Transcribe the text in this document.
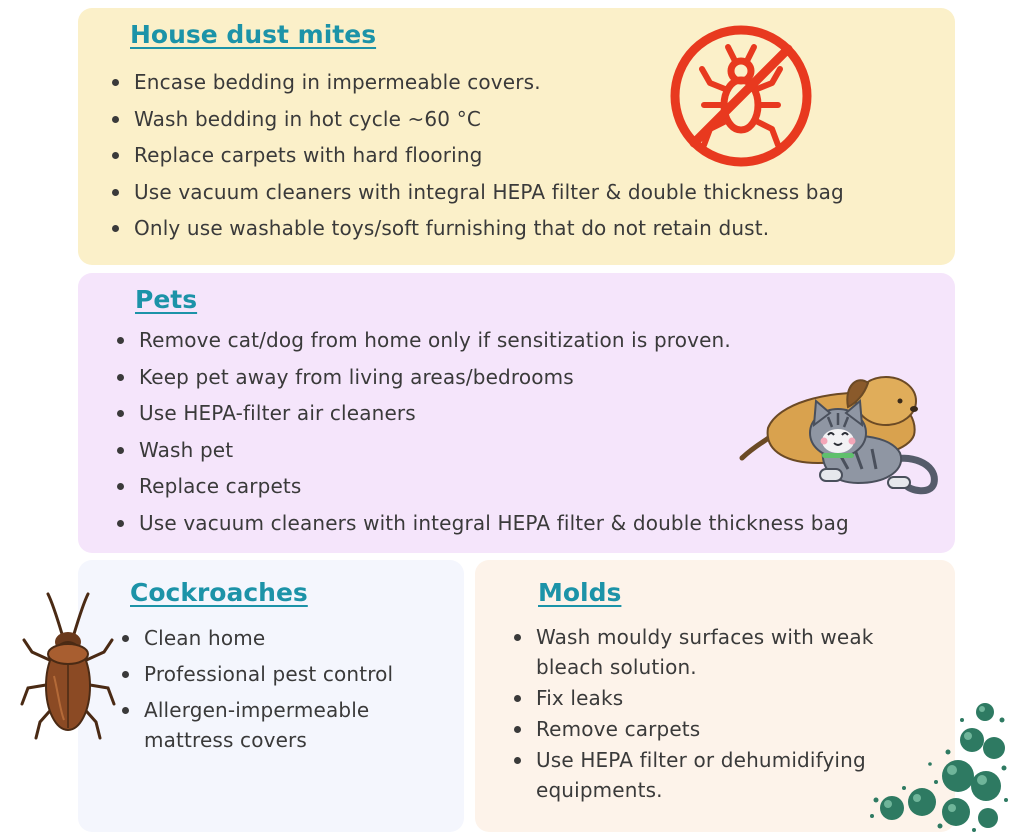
House dust mites
Encase bedding in impermeable covers.
Wash bedding in hot cycle ~60 °C
Replace carpets with hard flooring
Use vacuum cleaners with integral HEPA filter & double thickness bag
Only use washable toys/soft furnishing that do not retain dust.
Pets
Remove cat/dog from home only if sensitization is proven.
Keep pet away from living areas/bedrooms
Use HEPA-filter air cleaners
Wash pet
Replace carpets
Use vacuum cleaners with integral HEPA filter & double thickness bag
Cockroaches
Clean home
Professional pest control
Allergen-impermeable mattress covers
Molds
Wash mouldy surfaces with weak bleach solution.
Fix leaks
Remove carpets
Use HEPA filter or dehumidifying equipments.
